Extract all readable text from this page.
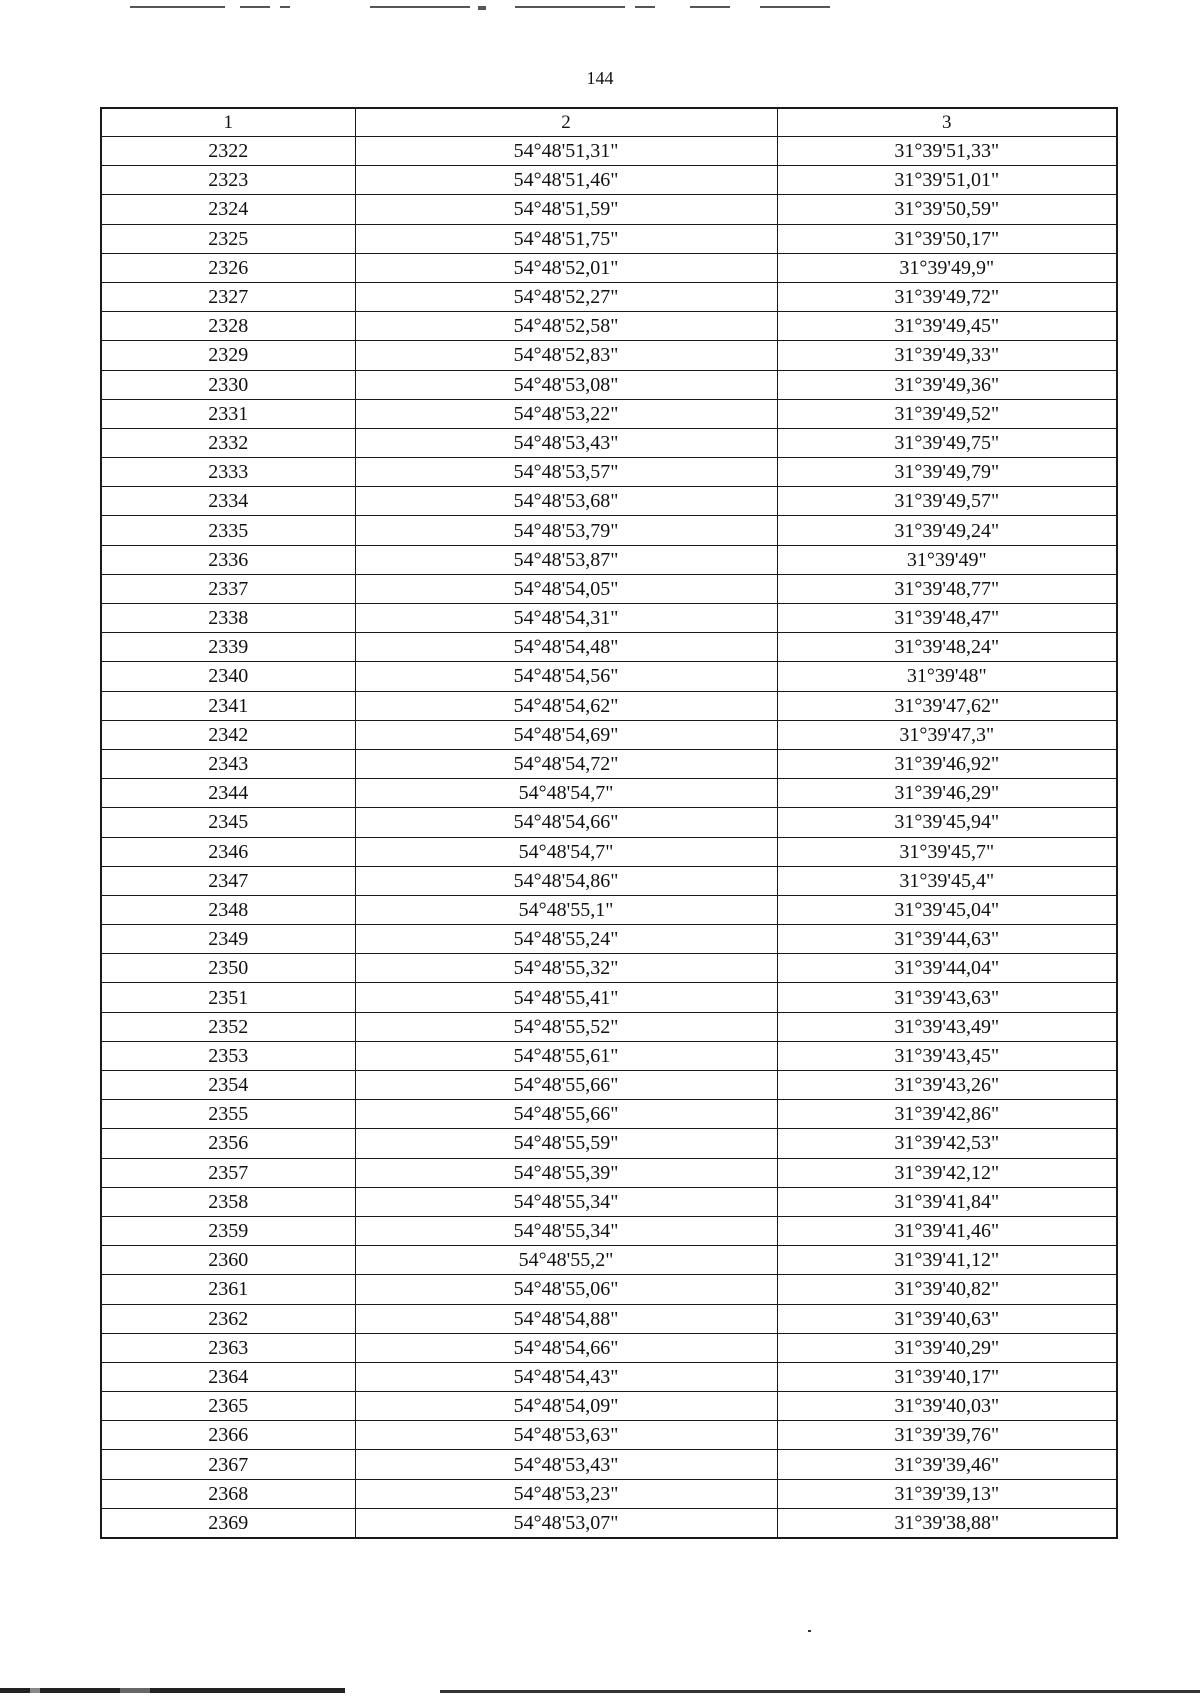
144
1	2	3
2322	54°48'51,31"	31°39'51,33"
2323	54°48'51,46"	31°39'51,01"
2324	54°48'51,59"	31°39'50,59"
2325	54°48'51,75"	31°39'50,17"
2326	54°48'52,01"	31°39'49,9"
2327	54°48'52,27"	31°39'49,72"
2328	54°48'52,58"	31°39'49,45"
2329	54°48'52,83"	31°39'49,33"
2330	54°48'53,08"	31°39'49,36"
2331	54°48'53,22"	31°39'49,52"
2332	54°48'53,43"	31°39'49,75"
2333	54°48'53,57"	31°39'49,79"
2334	54°48'53,68"	31°39'49,57"
2335	54°48'53,79"	31°39'49,24"
2336	54°48'53,87"	31°39'49"
2337	54°48'54,05"	31°39'48,77"
2338	54°48'54,31"	31°39'48,47"
2339	54°48'54,48"	31°39'48,24"
2340	54°48'54,56"	31°39'48"
2341	54°48'54,62"	31°39'47,62"
2342	54°48'54,69"	31°39'47,3"
2343	54°48'54,72"	31°39'46,92"
2344	54°48'54,7"	31°39'46,29"
2345	54°48'54,66"	31°39'45,94"
2346	54°48'54,7"	31°39'45,7"
2347	54°48'54,86"	31°39'45,4"
2348	54°48'55,1"	31°39'45,04"
2349	54°48'55,24"	31°39'44,63"
2350	54°48'55,32"	31°39'44,04"
2351	54°48'55,41"	31°39'43,63"
2352	54°48'55,52"	31°39'43,49"
2353	54°48'55,61"	31°39'43,45"
2354	54°48'55,66"	31°39'43,26"
2355	54°48'55,66"	31°39'42,86"
2356	54°48'55,59"	31°39'42,53"
2357	54°48'55,39"	31°39'42,12"
2358	54°48'55,34"	31°39'41,84"
2359	54°48'55,34"	31°39'41,46"
2360	54°48'55,2"	31°39'41,12"
2361	54°48'55,06"	31°39'40,82"
2362	54°48'54,88"	31°39'40,63"
2363	54°48'54,66"	31°39'40,29"
2364	54°48'54,43"	31°39'40,17"
2365	54°48'54,09"	31°39'40,03"
2366	54°48'53,63"	31°39'39,76"
2367	54°48'53,43"	31°39'39,46"
2368	54°48'53,23"	31°39'39,13"
2369	54°48'53,07"	31°39'38,88"
